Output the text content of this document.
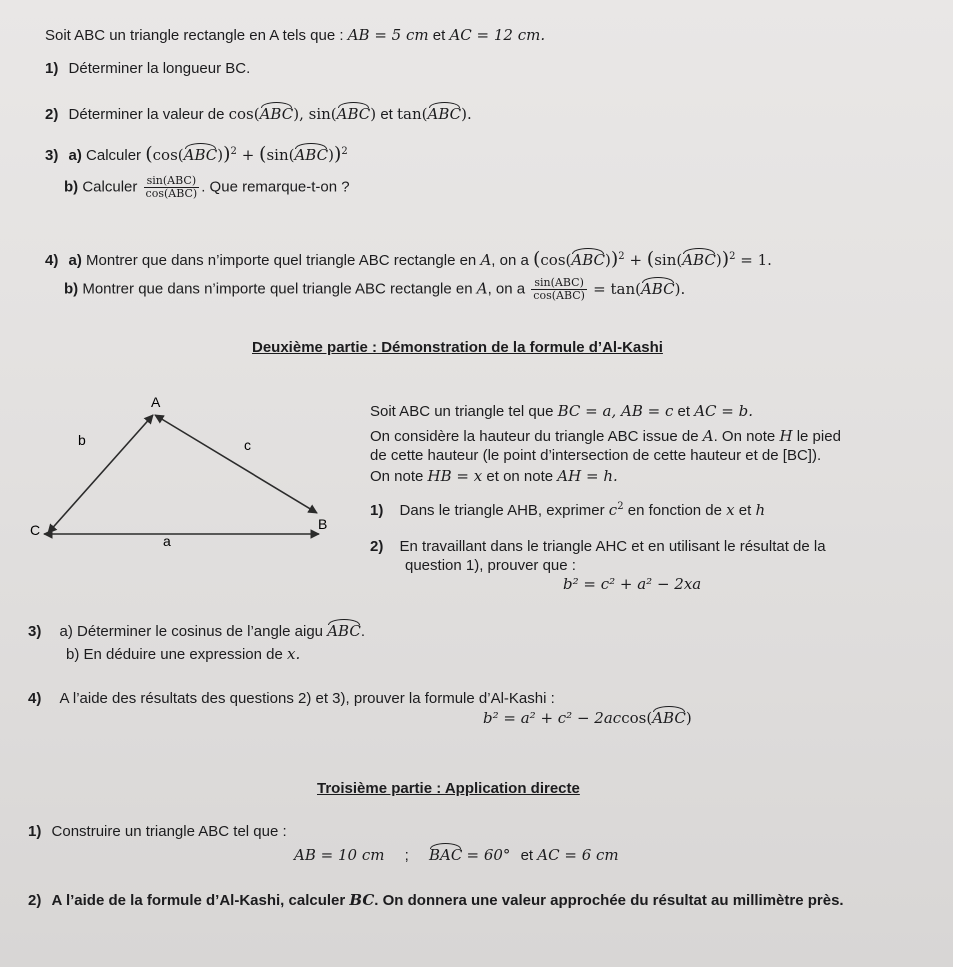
Soit ABC un triangle rectangle en A tels que : AB = 5 cm et AC = 12 cm.
1) Déterminer la longueur BC.
2) Déterminer la valeur de cos(ABC), sin(ABC) et tan(ABC).
3) a) Calculer $(\cos(ABC))^2 + (\sin(ABC))^2$
b) Calculer $\frac{\text{sin(ABC)}}{\text{cos(ABC)}}$ . Que remarque-t-on ?
4) a) Montrer que dans n’importe quel triangle ABC rectangle en A, on a $(\cos(ABC))^2 + (\sin(ABC))^2 = 1$.
b) Montrer que dans n’importe quel triangle ABC rectangle en A, on a $\frac{\text{sin(ABC)}}{\text{cos(ABC)}} = \tan(ABC)$.
Deuxième partie : Démonstration de la formule d’Al-Kashi
A
b	c
C	B
a
Soit ABC un triangle tel que BC = a, AB = c et AC = b.
On considère la hauteur du triangle ABC issue de A. On note H le pied
de cette hauteur (le point d’intersection de cette hauteur et de [BC]).
On note HB = x et on note AH = h.
1) Dans le triangle AHB, exprimer $c^2$ en fonction de x et h
2) En travaillant dans le triangle AHC et en utilisant le résultat de la
question 1), prouver que :
b² = c² + a² − 2xa
3) a) Déterminer le cosinus de l’angle aigu ABC.
b) En déduire une expression de x.
4) A l’aide des résultats des questions 2) et 3), prouver la formule d’Al-Kashi :
b² = a² + c² − 2accos(ABC)
Troisième partie : Application directe
1) Construire un triangle ABC tel que :
AB = 10 cm ; BAC = 60° et AC = 6 cm
2) A l’aide de la formule d’Al-Kashi, calculer BC. On donnera une valeur approchée du résultat au millimètre près.
